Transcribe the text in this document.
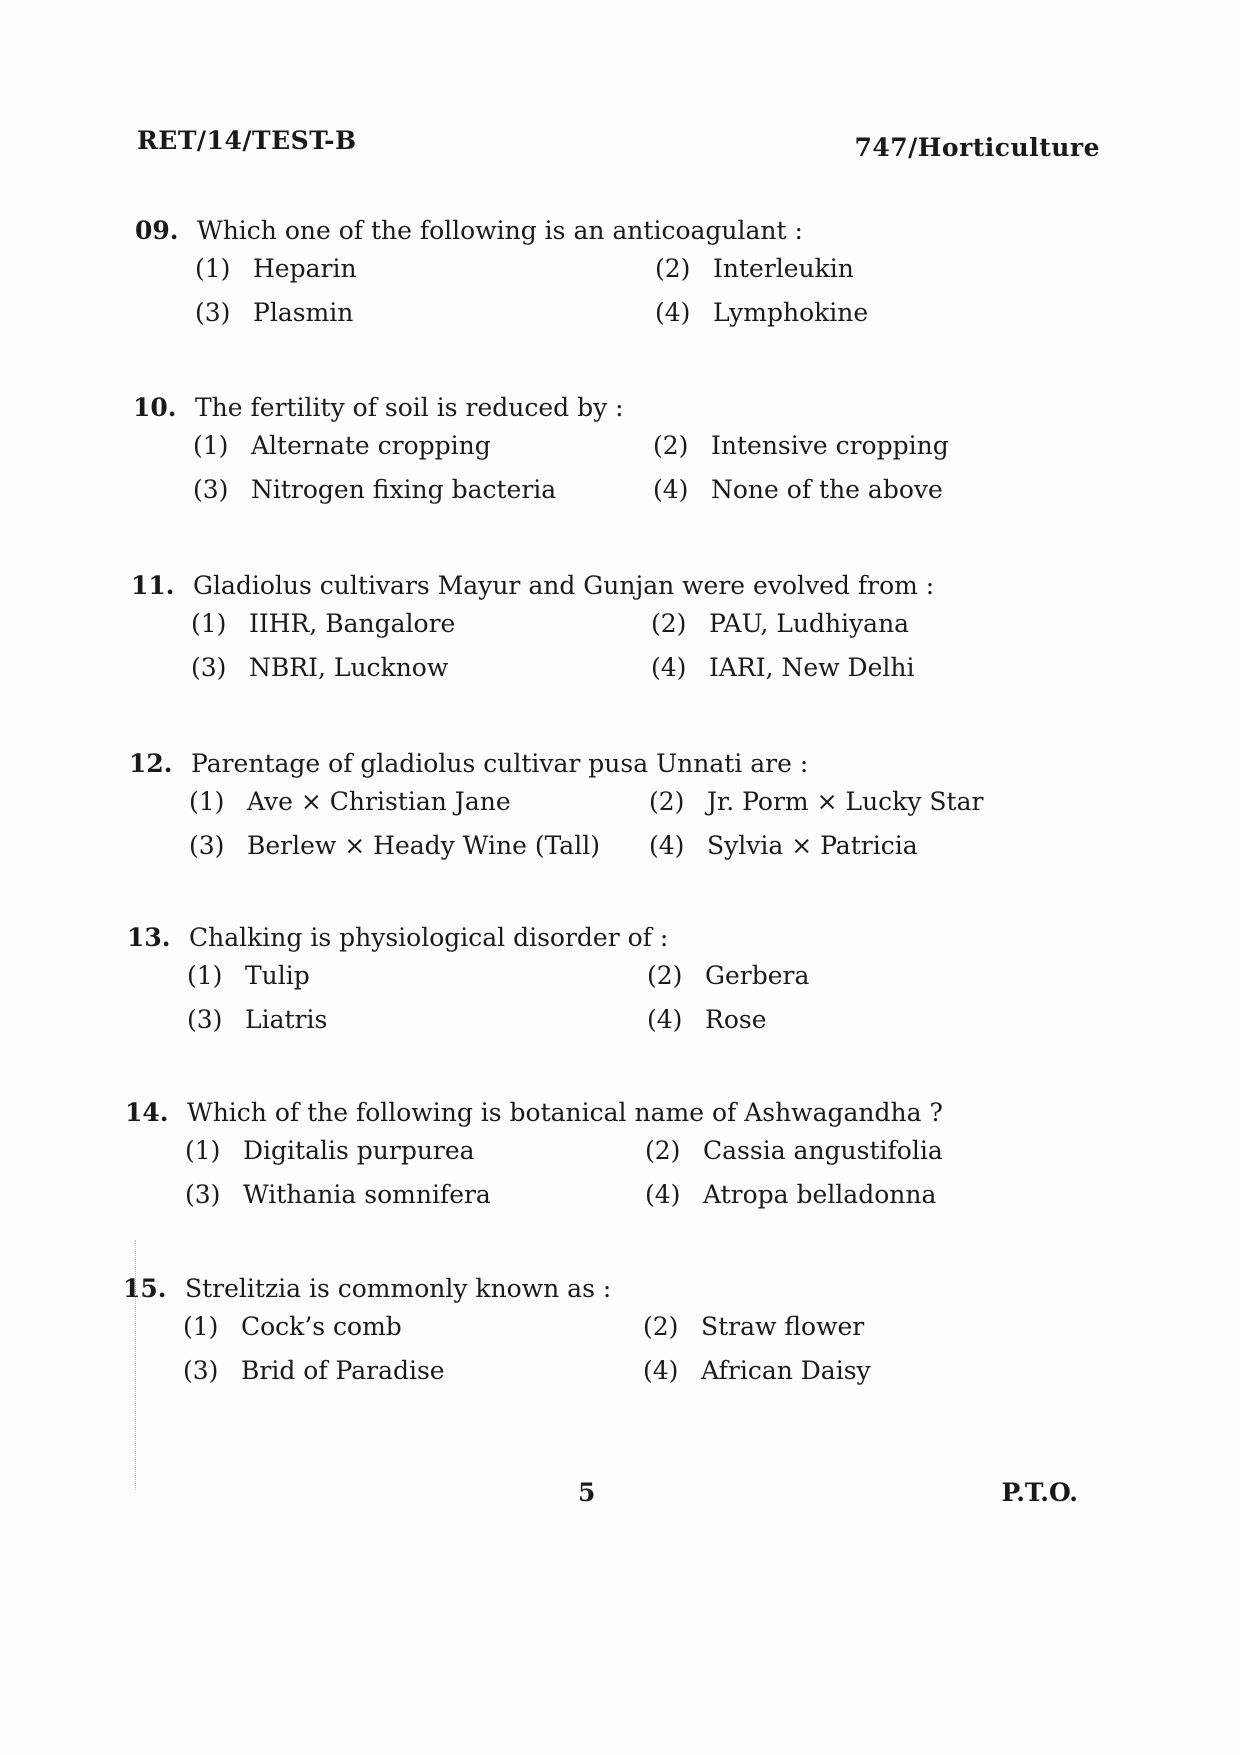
RET/14/TEST-B	747/Horticulture
09. Which one of the following is an anticoagulant :
(1) Heparin	(2) Interleukin
(3) Plasmin	(4) Lymphokine
10. The fertility of soil is reduced by :
(1) Alternate cropping	(2) Intensive cropping
(3) Nitrogen fixing bacteria	(4) None of the above
11. Gladiolus cultivars Mayur and Gunjan were evolved from :
(1) IIHR, Bangalore	(2) PAU, Ludhiyana
(3) NBRI, Lucknow	(4) IARI, New Delhi
12. Parentage of gladiolus cultivar pusa Unnati are :
(1) Ave × Christian Jane	(2) Jr. Porm × Lucky Star
(3) Berlew × Heady Wine (Tall) (4) Sylvia × Patricia
13. Chalking is physiological disorder of :
(1) Tulip	(2) Gerbera
(3) Liatris	(4) Rose
14. Which of the following is botanical name of Ashwagandha ?
(1) Digitalis purpurea	(2) Cassia angustifolia
(3) Withania somnifera	(4) Atropa belladonna
15. Strelitzia is commonly known as :
(1) Cock’s comb	(2) Straw flower
(3) Brid of Paradise	(4) African Daisy
5	P.T.O.
